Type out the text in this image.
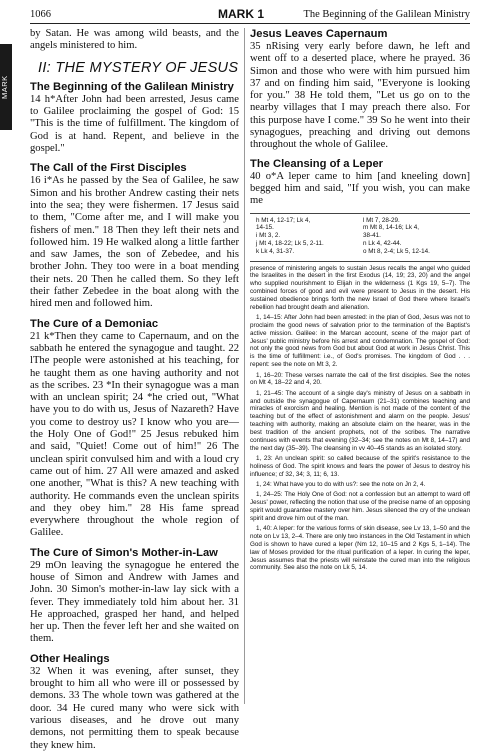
MARK
1066	MARK 1	The Beginning of the Galilean Ministry

by Satan. He was among wild beasts, and the angels ministered to him.

II: THE MYSTERY OF JESUS
The Beginning of the Galilean Ministry

14 h*After John had been arrested, Jesus came to Galilee proclaiming the gospel of God: 15 "This is the time of fulfillment. The kingdom of God is at hand. Repent, and believe in the gospel."

The Call of the First Disciples

16 i*As he passed by the Sea of Galilee, he saw Simon and his brother Andrew casting their nets into the sea; they were fishermen. 17 Jesus said to them, "Come after me, and I will make you fishers of men." 18 Then they left their nets and followed him. 19 He walked along a little farther and saw James, the son of Zebedee, and his brother John. They too were in a boat mending their nets. 20 Then he called them. So they left their father Zebedee in the boat along with the hired men and followed him.

The Cure of a Demoniac

21 k*Then they came to Capernaum, and on the sabbath he entered the synagogue and taught. 22 lThe people were astonished at his teaching, for he taught them as one having authority and not as the scribes. 23 *In their synagogue was a man with an unclean spirit; 24 *he cried out, "What have you to do with us, Jesus of Nazareth? Have you come to destroy us? I know who you are—the Holy One of God!" 25 Jesus rebuked him and said, "Quiet! Come out of him!" 26 The unclean spirit convulsed him and with a loud cry came out of him. 27 All were amazed and asked one another, "What is this? A new teaching with authority. He commands even the unclean spirits and they obey him." 28 His fame spread everywhere throughout the whole region of Galilee.

The Cure of Simon's Mother-in-Law

29 mOn leaving the synagogue he entered the house of Simon and Andrew with James and John. 30 Simon's mother-in-law lay sick with a fever. They immediately told him about her. 31 He approached, grasped her hand, and helped her up. Then the fever left her and she waited on them.

Other Healings

32 When it was evening, after sunset, they brought to him all who were ill or possessed by demons. 33 The whole town was gathered at the door. 34 He cured many who were sick with various diseases, and he drove out many demons, not permitting them to speak because they knew him.

Jesus Leaves Capernaum

35 nRising very early before dawn, he left and went off to a deserted place, where he prayed. 36 Simon and those who were with him pursued him 37 and on finding him said, "Everyone is looking for you." 38 He told them, "Let us go on to the nearby villages that I may preach there also. For this purpose have I come." 39 So he went into their synagogues, preaching and driving out demons throughout the whole of Galilee.

The Cleansing of a Leper

40 o*A leper came to him [and kneeling down] begged him and said, "If you wish, you can make me

h Mt 4, 12-17; Lk 4,
14-15.
i Mt 3, 2.
j Mt 4, 18-22; Lk 5, 2-11.
k Lk 4, 31-37.
l Mt 7, 28-29.
m Mt 8, 14-16; Lk 4,
38-41.
n Lk 4, 42-44.
o Mt 8, 2-4; Lk 5, 12-14.

presence of ministering angels to sustain Jesus recalls the angel who guided the Israelites in the desert in the first Exodus (14, 19; 23, 20) and the angel who supplied nourishment to Elijah in the wilderness (1 Kgs 19, 5–7). The combined forces of good and evil were present to Jesus in the desert. His sustained obedience brings forth the new Israel of God there where Israel's rebellion had brought death and alienation.

1, 14–15: After John had been arrested: in the plan of God, Jesus was not to proclaim the good news of salvation prior to the termination of the Baptist's active mission. Galilee: in the Marcan account, scene of the major part of Jesus' public ministry before his arrest and condemnation. The gospel of God: not only the good news from God but about God at work in Jesus Christ. This is the time of fulfillment: i.e., of God's promises. The kingdom of God . . . repent: see the note on Mt 3, 2.

1, 16–20: These verses narrate the call of the first disciples. See the notes on Mt 4, 18–22 and 4, 20.

1, 21–45: The account of a single day's ministry of Jesus on a sabbath in and outside the synagogue of Capernaum (21–31) combines teaching and miracles of exorcism and healing. Mention is not made of the content of the teaching but of the effect of astonishment and alarm on the people. Jesus' teaching with authority, making an absolute claim on the hearer, was in the best tradition of the ancient prophets, not of the scribes. The narrative continues with events that evening (32–34; see the notes on Mt 8, 14–17) and the next day (35–39). The cleansing in vv 40–45 stands as an isolated story.

1, 23: An unclean spirit: so called because of the spirit's resistance to the holiness of God. The spirit knows and fears the power of Jesus to destroy his influence; cf 32, 34; 3, 11; 6, 13.

1, 24: What have you to do with us?: see the note on Jn 2, 4.

1, 24–25: The Holy One of God: not a confession but an attempt to ward off Jesus' power, reflecting the notion that use of the precise name of an opposing spirit would guarantee mastery over him. Jesus silenced the cry of the unclean spirit and drove him out of the man.

1, 40: A leper: for the various forms of skin disease, see Lv 13, 1–50 and the note on Lv 13, 2–4. There are only two instances in the Old Testament in which God is shown to have cured a leper (Nm 12, 10–15 and 2 Kgs 5, 1–14). The law of Moses provided for the ritual purification of a leper. In curing the leper, Jesus assumes that the priests will reinstate the cured man into the religious community. See also the note on Lk 5, 14.
